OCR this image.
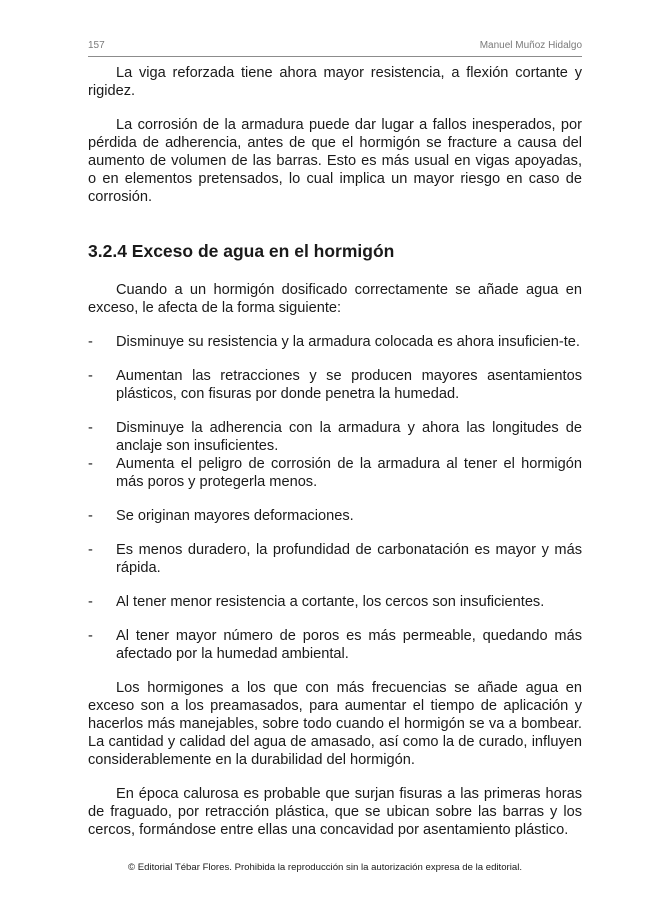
157	Manuel Muñoz Hidalgo

La viga reforzada tiene ahora mayor resistencia, a flexión cortante y rigidez.

La corrosión de la armadura puede dar lugar a fallos inesperados, por pérdida de adherencia, antes de que el hormigón se fracture a causa del aumento de volumen de las barras. Esto es más usual en vigas apoyadas, o en elementos pretensados, lo cual implica un mayor riesgo en caso de corrosión.

3.2.4 Exceso de agua en el hormigón

Cuando a un hormigón dosificado correctamente se añade agua en exceso, le afecta de la forma siguiente:

- Disminuye su resistencia y la armadura colocada es ahora insuficien-te.
- Aumentan las retracciones y se producen mayores asentamientos plásticos, con fisuras por donde penetra la humedad.
- Disminuye la adherencia con la armadura y ahora las longitudes de anclaje son insuficientes.
- Aumenta el peligro de corrosión de la armadura al tener el hormigón más poros y protegerla menos.
- Se originan mayores deformaciones.
- Es menos duradero, la profundidad de carbonatación es mayor y más rápida.
- Al tener menor resistencia a cortante, los cercos son insuficientes.
- Al tener mayor número de poros es más permeable, quedando más afectado por la humedad ambiental.

Los hormigones a los que con más frecuencias se añade agua en exceso son a los preamasados, para aumentar el tiempo de aplicación y hacerlos más manejables, sobre todo cuando el hormigón se va a bombear. La cantidad y calidad del agua de amasado, así como la de curado, influyen considerablemente en la durabilidad del hormigón.

En época calurosa es probable que surjan fisuras a las primeras horas de fraguado, por retracción plástica, que se ubican sobre las barras y los cercos, formándose entre ellas una concavidad por asentamiento plástico.

© Editorial Tébar Flores. Prohibida la reproducción sin la autorización expresa de la editorial.
